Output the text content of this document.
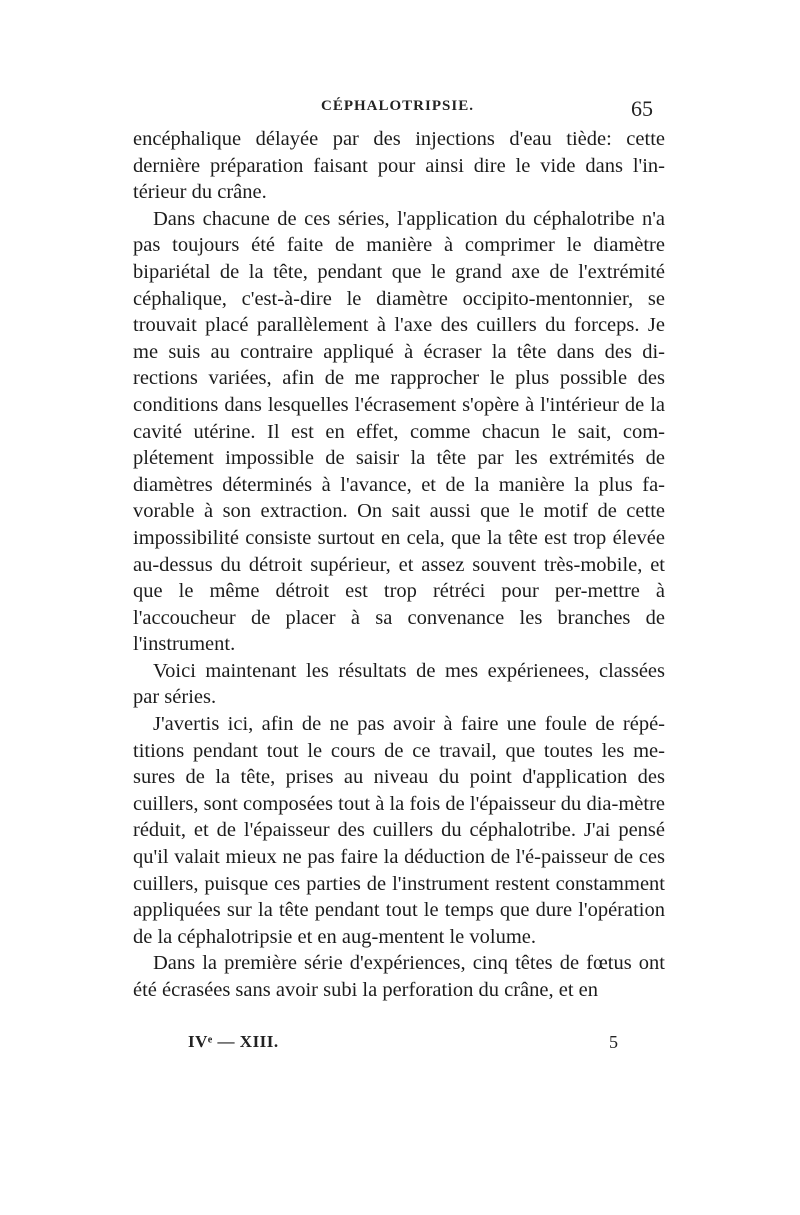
CÉPHALOTRIPSIE.	65

encéphalique délayée par des injections d'eau tiède: cette dernière préparation faisant pour ainsi dire le vide dans l'in-térieur du crâne.

Dans chacune de ces séries, l'application du céphalotribe n'a pas toujours été faite de manière à comprimer le diamètre bipariétal de la tête, pendant que le grand axe de l'extrémité céphalique, c'est-à-dire le diamètre occipito-mentonnier, se trouvait placé parallèlement à l'axe des cuillers du forceps. Je me suis au contraire appliqué à écraser la tête dans des di-rections variées, afin de me rapprocher le plus possible des conditions dans lesquelles l'écrasement s'opère à l'intérieur de la cavité utérine. Il est en effet, comme chacun le sait, com-plétement impossible de saisir la tête par les extrémités de diamètres déterminés à l'avance, et de la manière la plus fa-vorable à son extraction. On sait aussi que le motif de cette impossibilité consiste surtout en cela, que la tête est trop élevée au-dessus du détroit supérieur, et assez souvent très-mobile, et que le même détroit est trop rétréci pour per-mettre à l'accoucheur de placer à sa convenance les branches de l'instrument.

Voici maintenant les résultats de mes expérienees, classées par séries.

J'avertis ici, afin de ne pas avoir à faire une foule de répé-titions pendant tout le cours de ce travail, que toutes les me-sures de la tête, prises au niveau du point d'application des cuillers, sont composées tout à la fois de l'épaisseur du dia-mètre réduit, et de l'épaisseur des cuillers du céphalotribe. J'ai pensé qu'il valait mieux ne pas faire la déduction de l'é-paisseur de ces cuillers, puisque ces parties de l'instrument restent constamment appliquées sur la tête pendant tout le temps que dure l'opération de la céphalotripsie et en aug-mentent le volume.

Dans la première série d'expériences, cinq têtes de fœtus ont été écrasées sans avoir subi la perforation du crâne, et en

IVᵉ — XIII.	5
